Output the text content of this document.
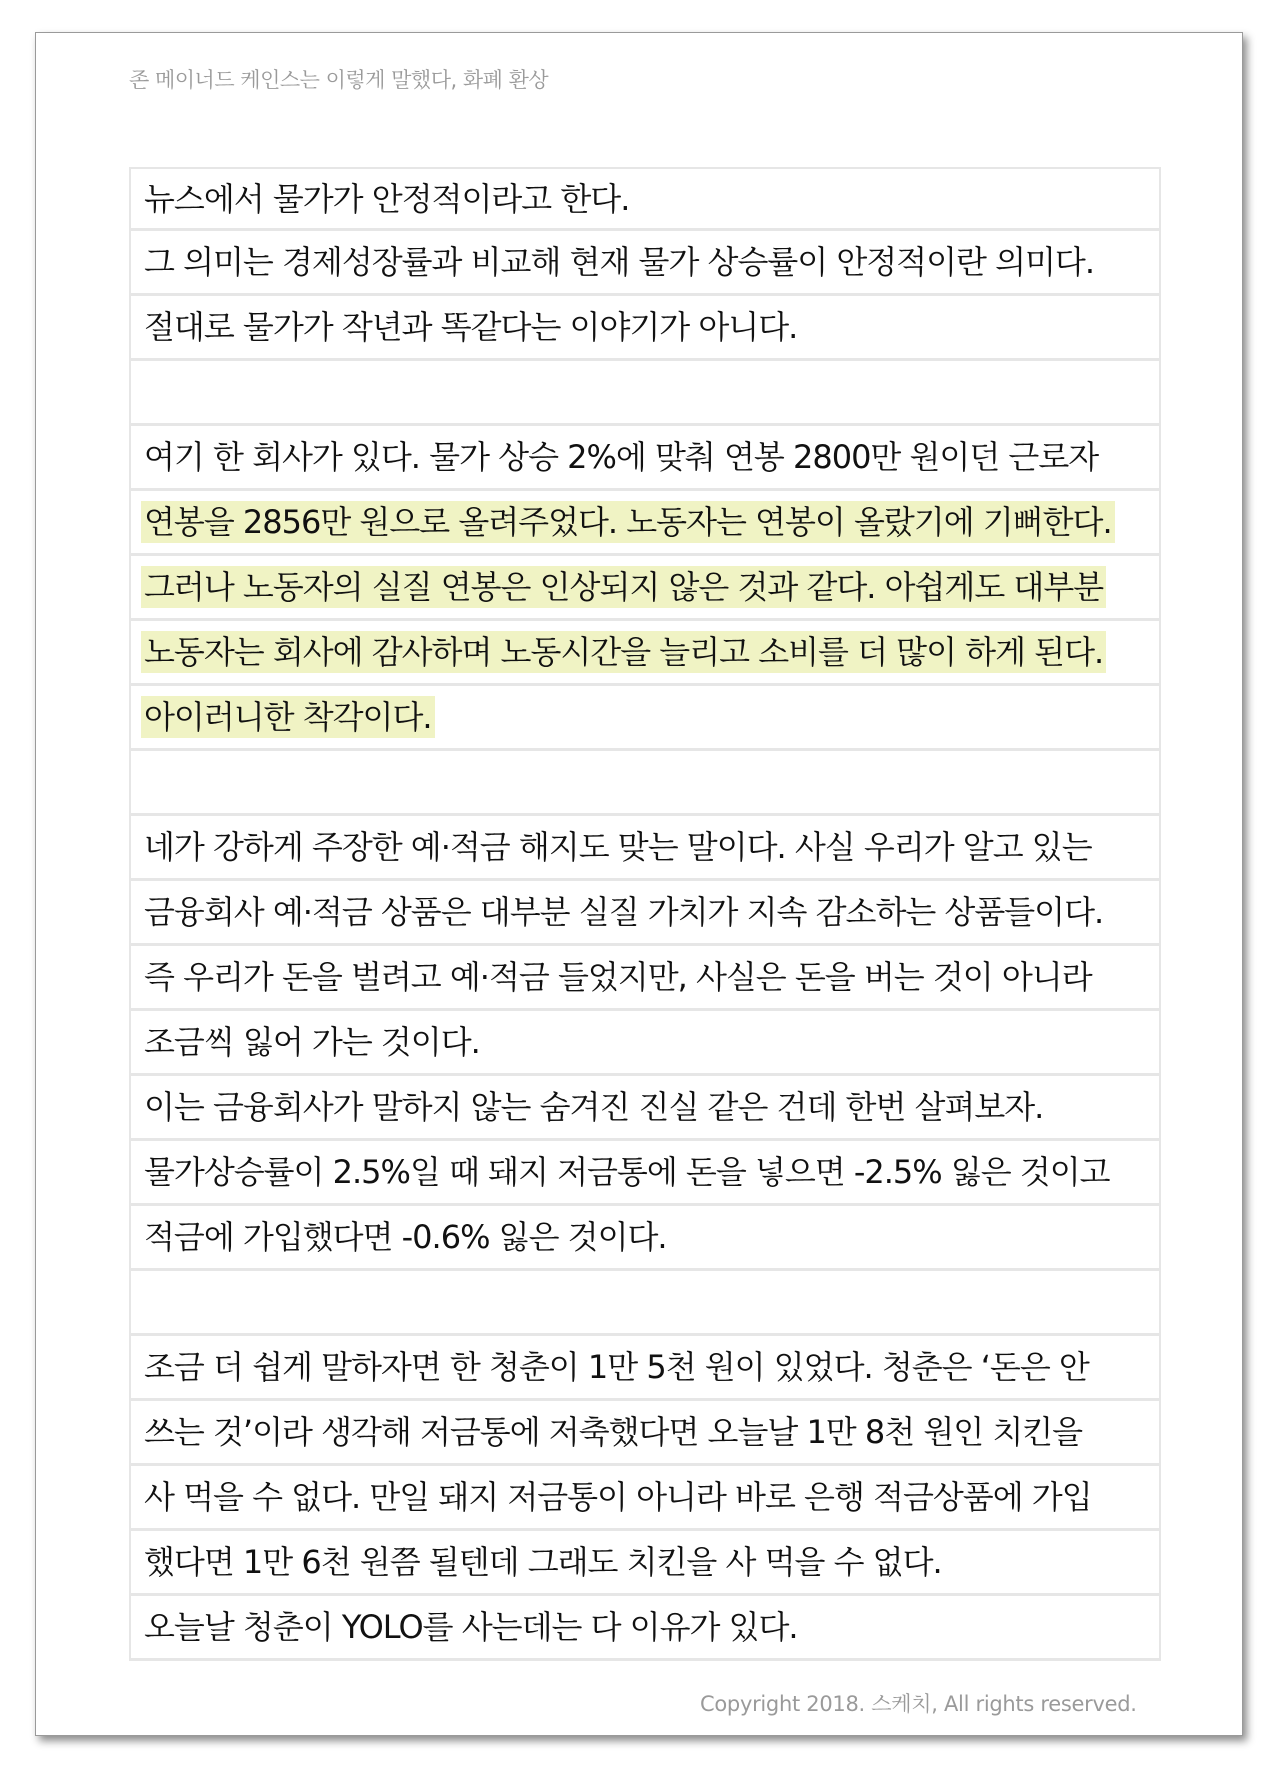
존 메이너드 케인스는 이렇게 말했다, 화폐 환상
뉴스에서 물가가 안정적이라고 한다.
그 의미는 경제성장률과 비교해 현재 물가 상승률이 안정적이란 의미다.
절대로 물가가 작년과 똑같다는 이야기가 아니다.
여기 한 회사가 있다. 물가 상승 2%에 맞춰 연봉 2800만 원이던 근로자
연봉을 2856만 원으로 올려주었다. 노동자는 연봉이 올랐기에 기뻐한다.
그러나 노동자의 실질 연봉은 인상되지 않은 것과 같다. 아쉽게도 대부분
노동자는 회사에 감사하며 노동시간을 늘리고 소비를 더 많이 하게 된다.
아이러니한 착각이다.
네가 강하게 주장한 예·적금 해지도 맞는 말이다. 사실 우리가 알고 있는
금융회사 예·적금 상품은 대부분 실질 가치가 지속 감소하는 상품들이다.
즉 우리가 돈을 벌려고 예·적금 들었지만, 사실은 돈을 버는 것이 아니라
조금씩 잃어 가는 것이다.
이는 금융회사가 말하지 않는 숨겨진 진실 같은 건데 한번 살펴보자.
물가상승률이 2.5%일 때 돼지 저금통에 돈을 넣으면 -2.5% 잃은 것이고
적금에 가입했다면 -0.6% 잃은 것이다.
조금 더 쉽게 말하자면 한 청춘이 1만 5천 원이 있었다. 청춘은 ‘돈은 안
쓰는 것’이라 생각해 저금통에 저축했다면 오늘날 1만 8천 원인 치킨을
사 먹을 수 없다. 만일 돼지 저금통이 아니라 바로 은행 적금상품에 가입
했다면 1만 6천 원쯤 될텐데 그래도 치킨을 사 먹을 수 없다.
오늘날 청춘이 YOLO를 사는데는 다 이유가 있다.
Copyright 2018. 스케치, All rights reserved.
